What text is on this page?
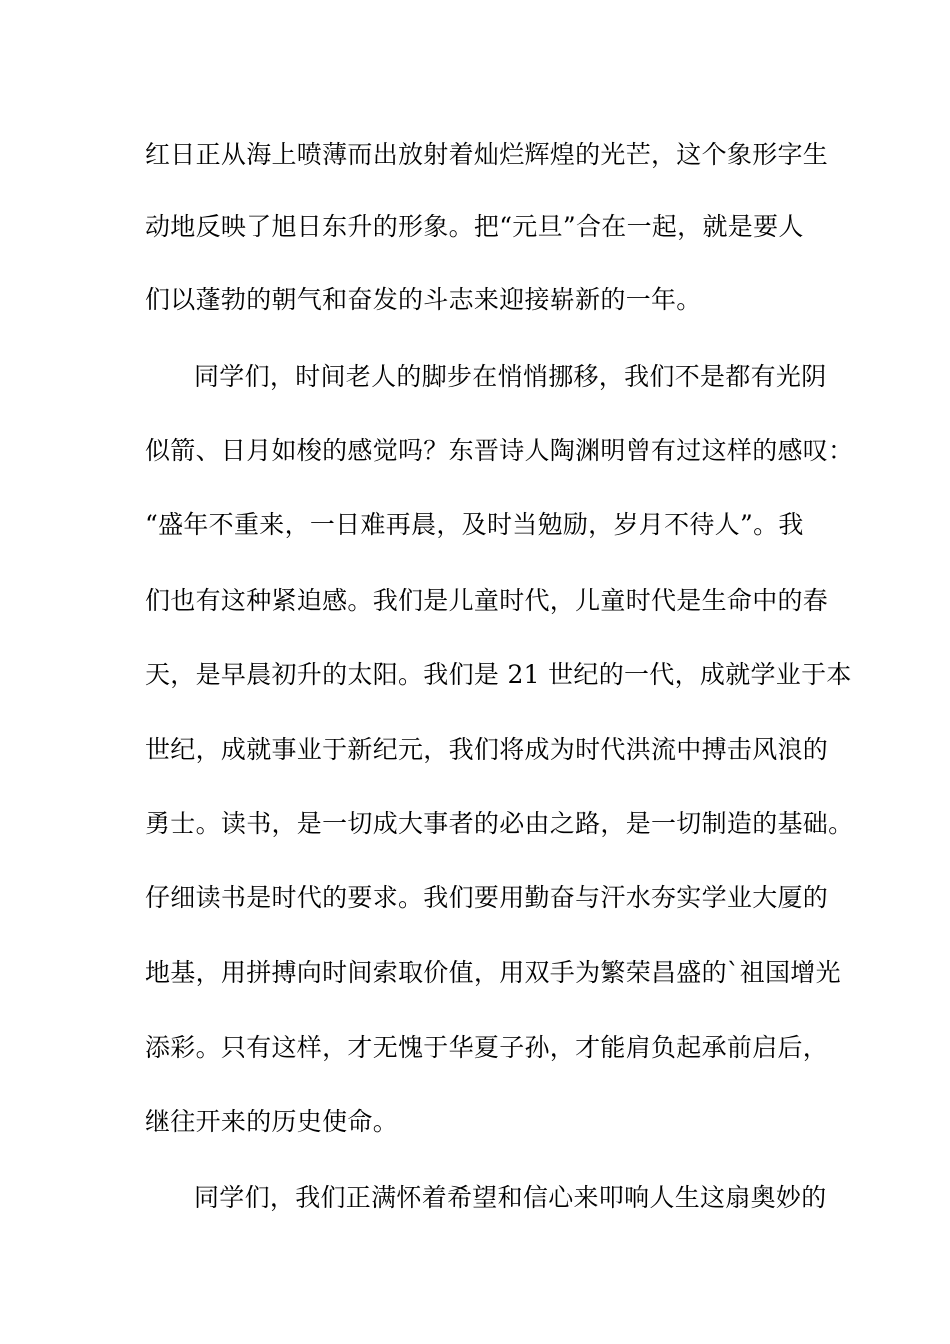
红日正从海上喷薄而出放射着灿烂辉煌的光芒，这个象形字生
动地反映了旭日东升的形象。把“元旦”合在一起，就是要人
们以蓬勃的朝气和奋发的斗志来迎接崭新的一年。
同学们，时间老人的脚步在悄悄挪移，我们不是都有光阴
似箭、日月如梭的感觉吗？东晋诗人陶渊明曾有过这样的感叹：
“盛年不重来，一日难再晨，及时当勉励，岁月不待人”。我
们也有这种紧迫感。我们是儿童时代，儿童时代是生命中的春
天，是早晨初升的太阳。我们是 21 世纪的一代，成就学业于本
世纪，成就事业于新纪元，我们将成为时代洪流中搏击风浪的
勇士。读书，是一切成大事者的必由之路，是一切制造的基础。
仔细读书是时代的要求。我们要用勤奋与汗水夯实学业大厦的
地基，用拼搏向时间索取价值，用双手为繁荣昌盛的`祖国增光
添彩。只有这样，才无愧于华夏子孙，才能肩负起承前启后，
继往开来的历史使命。
同学们，我们正满怀着希望和信心来叩响人生这扇奥妙的
